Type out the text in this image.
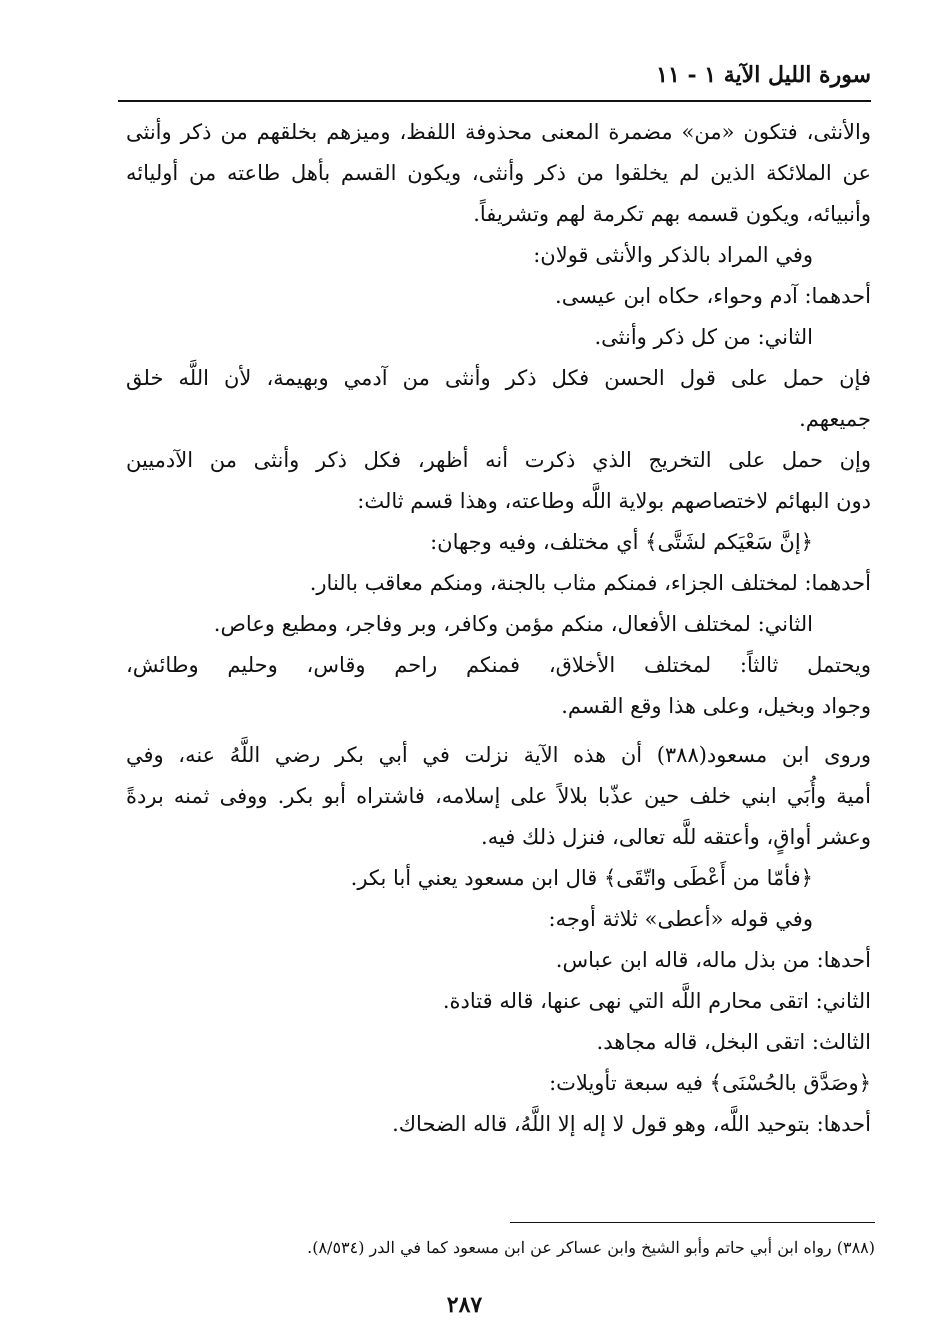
سورة الليل الآية ١ - ١١
والأنثى، فتكون «من» مضمرة المعنى محذوفة اللفظ، وميزهم بخلقهم من ذكر وأنثى
عن الملائكة الذين لم يخلقوا من ذكر وأنثى، ويكون القسم بأهل طاعته من أوليائه
وأنبيائه، ويكون قسمه بهم تكرمة لهم وتشريفاً.
وفي المراد بالذكر والأنثى قولان:
أحدهما: آدم وحواء، حكاه ابن عيسى.
الثاني: من كل ذكر وأنثى.
فإن حمل على قول الحسن فكل ذكر وأنثى من آدمي وبهيمة، لأن اللَّه خلق
جميعهم.
وإن حمل على التخريج الذي ذكرت أنه أظهر، فكل ذكر وأنثى من الآدميين
دون البهائم لاختصاصهم بولاية اللَّه وطاعته، وهذا قسم ثالث:
﴿إنَّ سَعْيَكم لشَتَّى﴾ أي مختلف، وفيه وجهان:
أحدهما: لمختلف الجزاء، فمنكم مثاب بالجنة، ومنكم معاقب بالنار.
الثاني: لمختلف الأفعال، منكم مؤمن وكافر، وبر وفاجر، ومطيع وعاص.
ويحتمل ثالثاً: لمختلف الأخلاق، فمنكم راحم وقاس، وحليم وطائش،
وجواد وبخيل، وعلى هذا وقع القسم.
وروى ابن مسعود(٣٨٨) أن هذه الآية نزلت في أبي بكر رضي اللَّهُ عنه، وفي
أمية وأُبَي ابني خلف حين عذّبا بلالاً على إسلامه، فاشتراه أبو بكر. ووفى ثمنه بردةً
وعشر أواقٍ، وأعتقه للَّه تعالى، فنزل ذلك فيه.
﴿فأمّا من أَعْطَى واتّقَى﴾ قال ابن مسعود يعني أبا بكر.
وفي قوله «أعطى» ثلاثة أوجه:
أحدها: من بذل ماله، قاله ابن عباس.
الثاني: اتقى محارم اللَّه التي نهى عنها، قاله قتادة.
الثالث: اتقى البخل، قاله مجاهد.
﴿وصَدَّق بالحُسْنَى﴾ فيه سبعة تأويلات:
أحدها: بتوحيد اللَّه، وهو قول لا إله إلا اللَّهُ، قاله الضحاك.
(٣٨٨) رواه ابن أبي حاتم وأبو الشيخ وابن عساكر عن ابن مسعود كما في الدر (٨/٥٣٤).
٢٨٧
